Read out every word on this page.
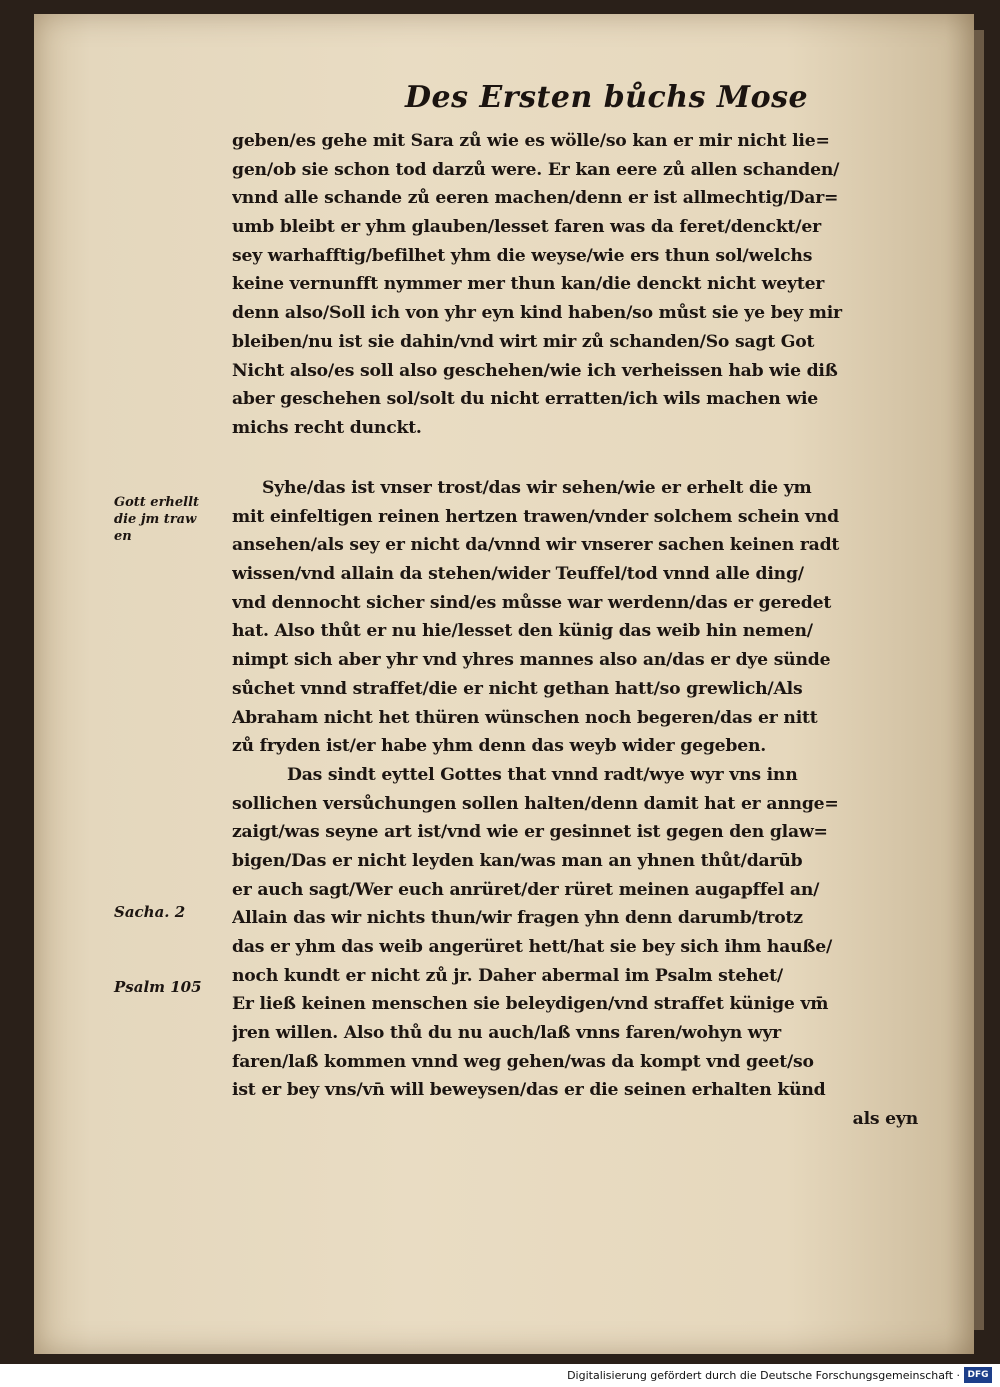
Des Ersten bůchs Mose
geben/es gehe mit Sara zů wie es wölle/so kan er mir nicht lie=
gen/ob sie schon tod darzů were. Er kan eere zů allen schanden/
vnnd alle schande zů eeren machen/denn er ist allmechtig/Dar=
umb bleibt er yhm glauben/lesset faren was da feret/denckt/er
sey warhafftig/befilhet yhm die weyse/wie ers thun sol/welchs
keine vernunfft nymmer mer thun kan/die denckt nicht weyter
denn also/Soll ich von yhr eyn kind haben/so můst sie ye bey mir
bleiben/nu ist sie dahin/vnd wirt mir zů schanden/So sagt Got
Nicht also/es soll also geschehen/wie ich verheissen hab wie diß
aber geschehen sol/solt du nicht erratten/ich wils machen wie
michs recht dunckt.
Syhe/das ist vnser trost/das wir sehen/wie er erhelt die ym
mit einfeltigen reinen hertzen trawen/vnder solchem schein vnd
ansehen/als sey er nicht da/vnnd wir vnserer sachen keinen radt
wissen/vnd allain da stehen/wider Teuffel/tod vnnd alle ding/
vnd dennocht sicher sind/es můsse war werdenn/das er geredet
hat. Also thůt er nu hie/lesset den künig das weib hin nemen/
nimpt sich aber yhr vnd yhres mannes also an/das er dye sünde
sůchet vnnd straffet/die er nicht gethan hatt/so grewlich/Als
Abraham nicht het thüren wünschen noch begeren/das er nitt
zů fryden ist/er habe yhm denn das weyb wider gegeben.
Das sindt eyttel Gottes that vnnd radt/wye wyr vns inn
sollichen versůchungen sollen halten/denn damit hat er annge=
zaigt/was seyne art ist/vnd wie er gesinnet ist gegen den glaw=
bigen/Das er nicht leyden kan/was man an yhnen thůt/darūb
er auch sagt/Wer euch anrüret/der rüret meinen augapffel an/
Allain das wir nichts thun/wir fragen yhn denn darumb/trotz
das er yhm das weib angerüret hett/hat sie bey sich ihm hauße/
noch kundt er nicht zů jr. Daher abermal im Psalm stehet/
Er ließ keinen menschen sie beleydigen/vnd straffet künige vm̄
jren willen. Also thů du nu auch/laß vnns faren/wohyn wyr
faren/laß kommen vnnd weg gehen/was da kompt vnd geet/so
ist er bey vns/vn̄ will beweysen/das er die seinen erhalten künd
als eyn
Gott erhellt
die jm traw
en
Sacha. 2
Psalm 105
Digitalisierung gefördert durch die Deutsche Forschungsgemeinschaft · DFG
